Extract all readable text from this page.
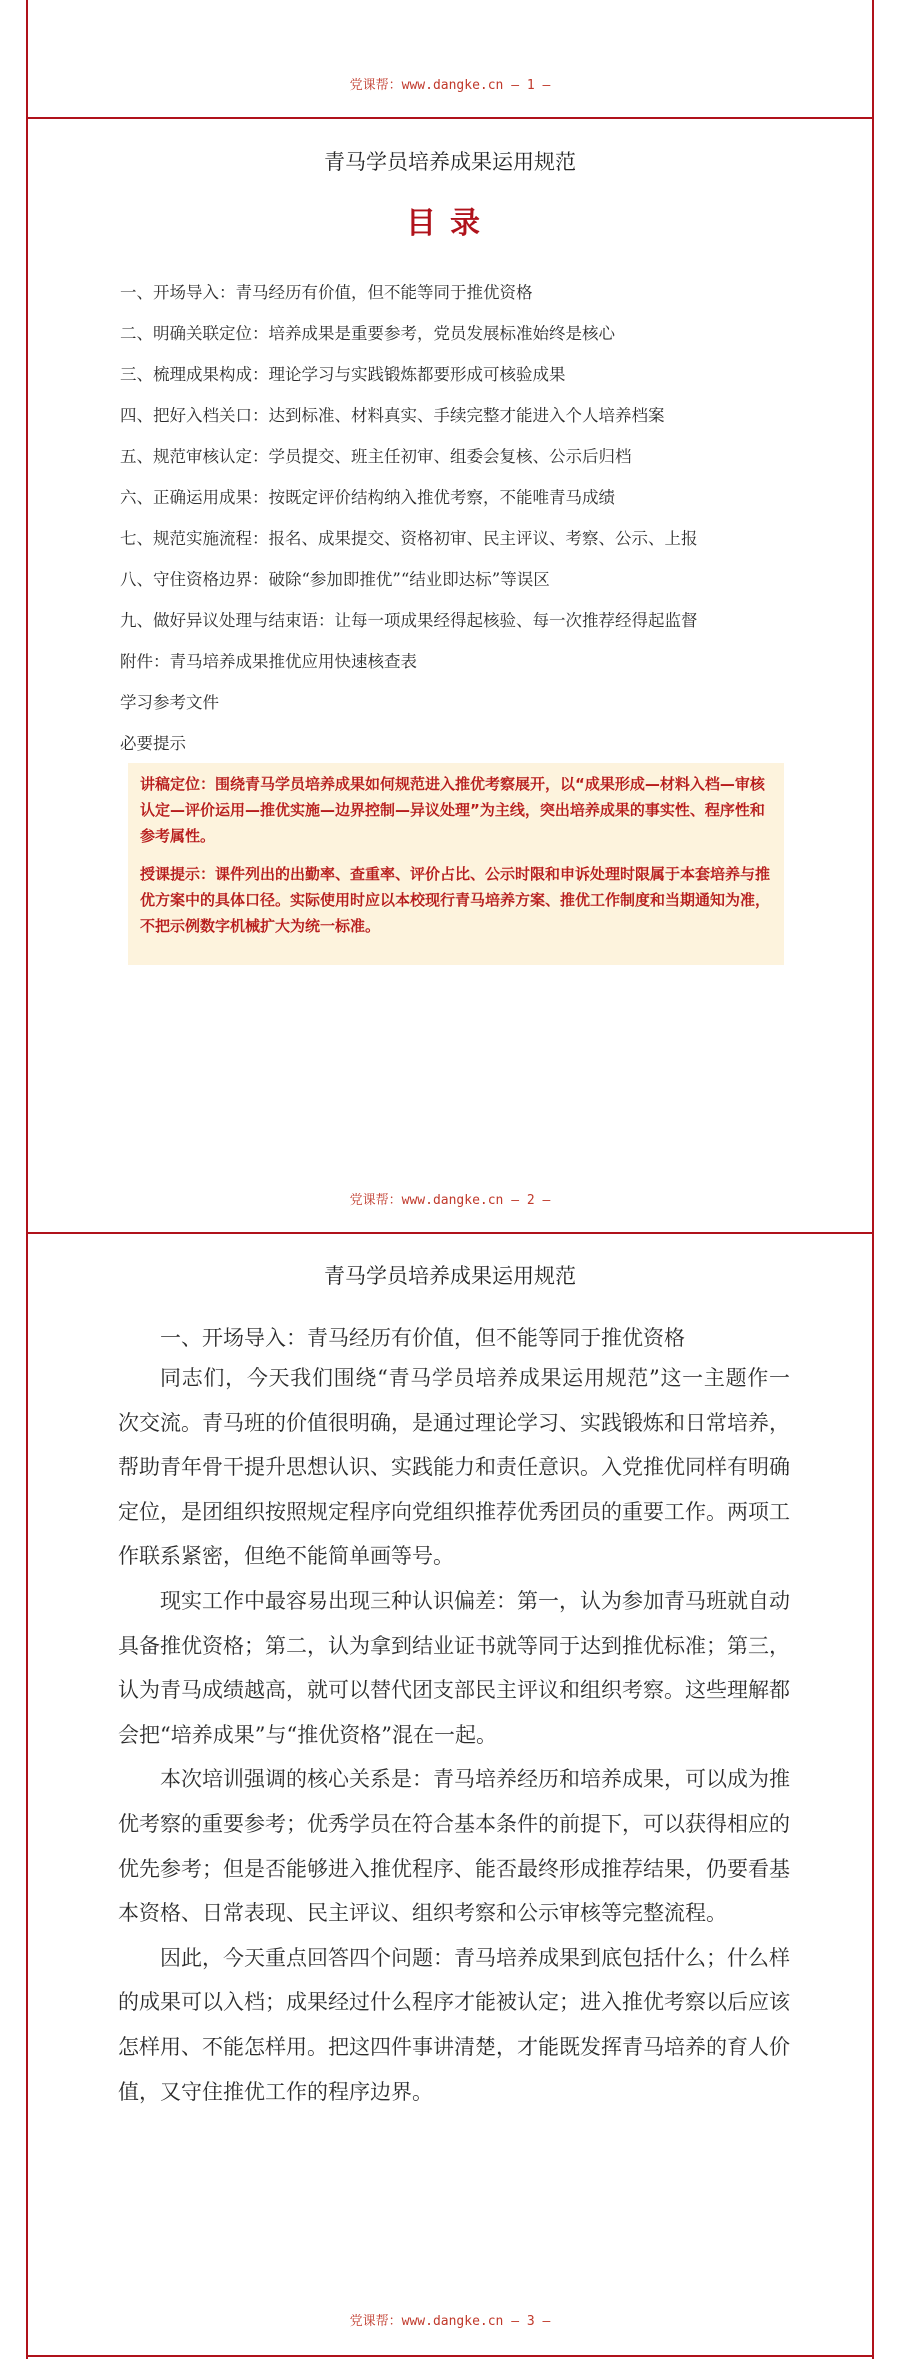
党课帮：www.dangke.cn — 1 —
青马学员培养成果运用规范
目录
一、开场导入：青马经历有价值，但不能等同于推优资格
二、明确关联定位：培养成果是重要参考，党员发展标准始终是核心
三、梳理成果构成：理论学习与实践锻炼都要形成可核验成果
四、把好入档关口：达到标准、材料真实、手续完整才能进入个人培养档案
五、规范审核认定：学员提交、班主任初审、组委会复核、公示后归档
六、正确运用成果：按既定评价结构纳入推优考察，不能唯青马成绩
七、规范实施流程：报名、成果提交、资格初审、民主评议、考察、公示、上报
八、守住资格边界：破除“参加即推优”“结业即达标”等误区
九、做好异议处理与结束语：让每一项成果经得起核验、每一次推荐经得起监督
附件：青马培养成果推优应用快速核查表
学习参考文件
必要提示

讲稿定位：围绕青马学员培养成果如何规范进入推优考察展开，以“成果形成—材料入档—审核认定—评价运用—推优实施—边界控制—异议处理”为主线，突出培养成果的事实性、程序性和参考属性。

授课提示：课件列出的出勤率、查重率、评价占比、公示时限和申诉处理时限属于本套培养与推优方案中的具体口径。实际使用时应以本校现行青马培养方案、推优工作制度和当期通知为准，不把示例数字机械扩大为统一标准。

党课帮：www.dangke.cn — 2 —
青马学员培养成果运用规范
一、开场导入：青马经历有价值，但不能等同于推优资格

同志们，今天我们围绕“青马学员培养成果运用规范”这一主题作一次交流。青马班的价值很明确，是通过理论学习、实践锻炼和日常培养，帮助青年骨干提升思想认识、实践能力和责任意识。入党推优同样有明确定位，是团组织按照规定程序向党组织推荐优秀团员的重要工作。两项工作联系紧密，但绝不能简单画等号。

现实工作中最容易出现三种认识偏差：第一，认为参加青马班就自动具备推优资格；第二，认为拿到结业证书就等同于达到推优标准；第三，认为青马成绩越高，就可以替代团支部民主评议和组织考察。这些理解都会把“培养成果”与“推优资格”混在一起。

本次培训强调的核心关系是：青马培养经历和培养成果，可以成为推优考察的重要参考；优秀学员在符合基本条件的前提下，可以获得相应的优先参考；但是否能够进入推优程序、能否最终形成推荐结果，仍要看基本资格、日常表现、民主评议、组织考察和公示审核等完整流程。

因此，今天重点回答四个问题：青马培养成果到底包括什么；什么样的成果可以入档；成果经过什么程序才能被认定；进入推优考察以后应该怎样用、不能怎样用。把这四件事讲清楚，才能既发挥青马培养的育人价值，又守住推优工作的程序边界。

党课帮：www.dangke.cn — 3 —
